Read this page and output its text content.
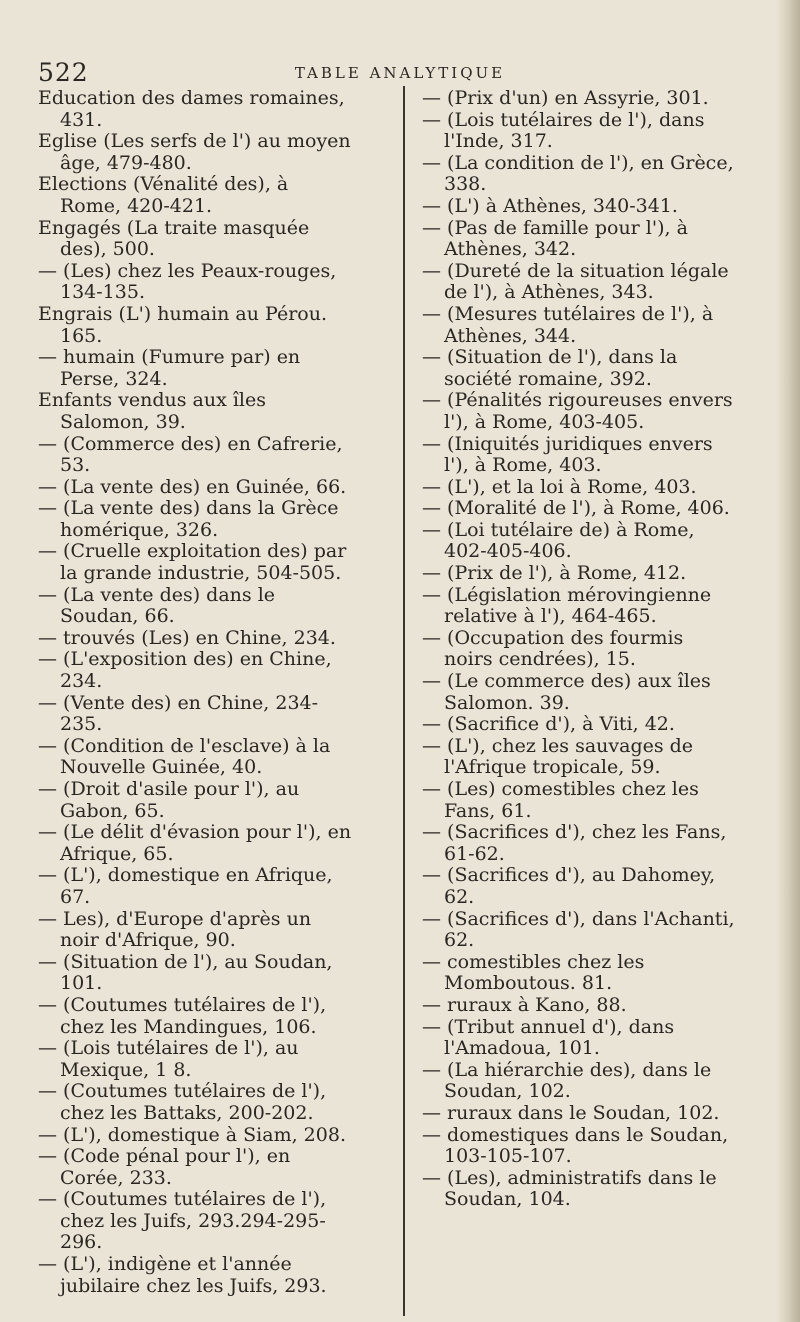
522	TABLE ANALYTIQUE
Education des dames romaines, 431.
Eglise (Les serfs de l') au moyen âge, 479-480.
Elections (Vénalité des), à Rome, 420-421.
Engagés (La traite masquée des), 500.
— (Les) chez les Peaux-rouges, 134-135.
Engrais (L') humain au Pérou. 165.
— humain (Fumure par) en Perse, 324.
Enfants vendus aux îles Salomon, 39.
— (Commerce des) en Cafrerie, 53.
— (La vente des) en Guinée, 66.
— (La vente des) dans la Grèce homérique, 326.
— (Cruelle exploitation des) par la grande industrie, 504-505.
— (La vente des) dans le Soudan, 66.
— trouvés (Les) en Chine, 234.
— (L'exposition des) en Chine, 234.
— (Vente des) en Chine, 234-235.
— (Condition de l'esclave) à la Nouvelle Guinée, 40.
— (Droit d'asile pour l'), au Gabon, 65.
— (Le délit d'évasion pour l'), en Afrique, 65.
— (L'), domestique en Afrique, 67.
— Les), d'Europe d'après un noir d'Afrique, 90.
— (Situation de l'), au Soudan, 101.
— (Coutumes tutélaires de l'), chez les Mandingues, 106.
— (Lois tutélaires de l'), au Mexique, 1 8.
— (Coutumes tutélaires de l'), chez les Battaks, 200-202.
— (L'), domestique à Siam, 208.
— (Code pénal pour l'), en Corée, 233.
— (Coutumes tutélaires de l'), chez les Juifs, 293.294-295-296.
— (L'), indigène et l'année jubilaire chez les Juifs, 293.
— (Prix d'un) en Assyrie, 301.
— (Lois tutélaires de l'), dans l'Inde, 317.
— (La condition de l'), en Grèce, 338.
— (L') à Athènes, 340-341.
— (Pas de famille pour l'), à Athènes, 342.
— (Dureté de la situation légale de l'), à Athènes, 343.
— (Mesures tutélaires de l'), à Athènes, 344.
— (Situation de l'), dans la société romaine, 392.
— (Pénalités rigoureuses envers l'), à Rome, 403-405.
— (Iniquités juridiques envers l'), à Rome, 403.
— (L'), et la loi à Rome, 403.
— (Moralité de l'), à Rome, 406.
— (Loi tutélaire de) à Rome, 402-405-406.
— (Prix de l'), à Rome, 412.
— (Législation mérovingienne relative à l'), 464-465.
— (Occupation des fourmis noirs cendrées), 15.
— (Le commerce des) aux îles Salomon. 39.
— (Sacrifice d'), à Viti, 42.
— (L'), chez les sauvages de l'Afrique tropicale, 59.
— (Les) comestibles chez les Fans, 61.
— (Sacrifices d'), chez les Fans, 61-62.
— (Sacrifices d'), au Dahomey, 62.
— (Sacrifices d'), dans l'Achanti, 62.
— comestibles chez les Momboutous. 81.
— ruraux à Kano, 88.
— (Tribut annuel d'), dans l'Amadoua, 101.
— (La hiérarchie des), dans le Soudan, 102.
— ruraux dans le Soudan, 102.
— domestiques dans le Soudan, 103-105-107.
— (Les), administratifs dans le Soudan, 104.
